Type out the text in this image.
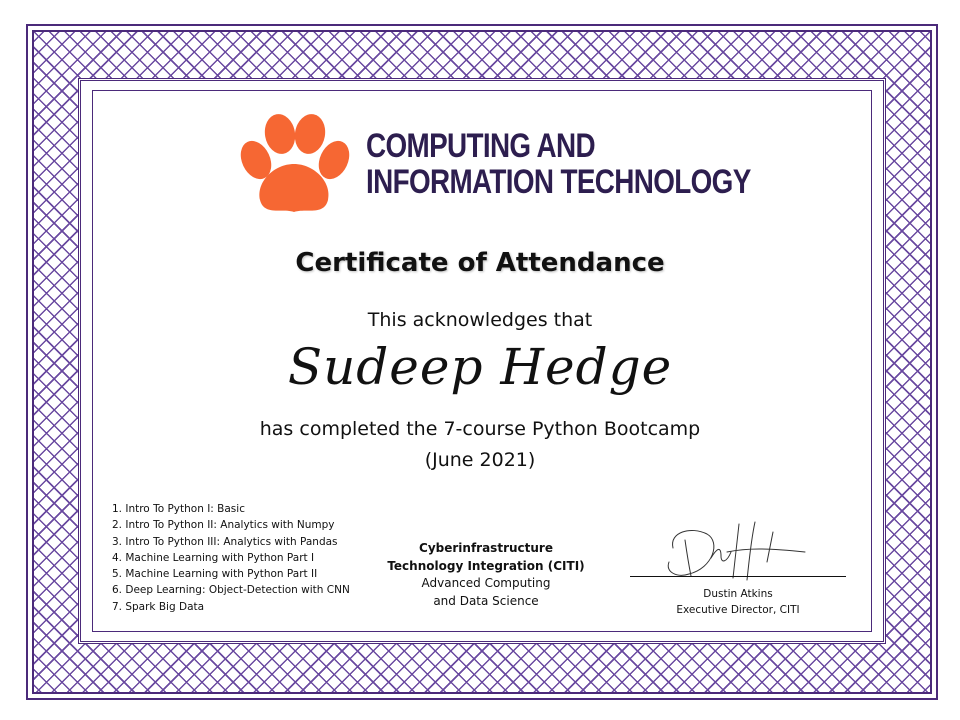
COMPUTING AND
INFORMATION TECHNOLOGY
Certificate of Attendance
This acknowledges that
Sudeep Hedge
has completed the 7-course Python Bootcamp
(June 2021)
1. Intro To Python I: Basic
2. Intro To Python II: Analytics with Numpy
3. Intro To Python III: Analytics with Pandas
4. Machine Learning with Python Part I
5. Machine Learning with Python Part II
6. Deep Learning: Object-Detection with CNN
7. Spark Big Data
Cyberinfrastructure
Technology Integration (CITI)
Advanced Computing
and Data Science	Dustin Atkins
Executive Director, CITI
